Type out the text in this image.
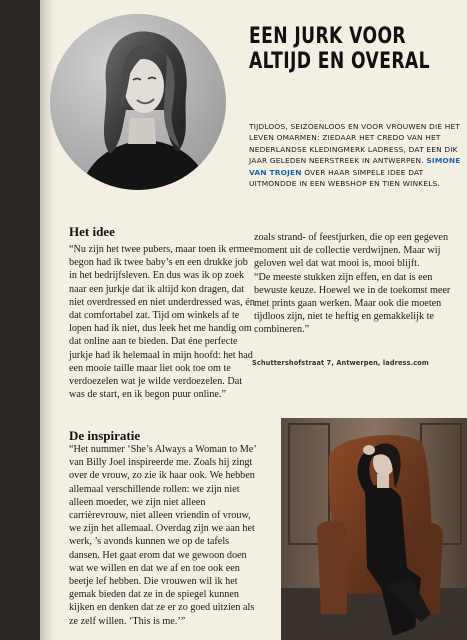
EEN JURK VOOR
ALTIJD EN OVERAL

TIJDLOOS, SEIZOENLOOS EN VOOR VROUWEN DIE HET LEVEN OMARMEN: ZIEDAAR HET CREDO VAN HET NEDERLANDSE KLEDINGMERK LADRESS, DAT EEN DIK JAAR GELEDEN NEERSTREEK IN ANTWERPEN. SIMONE VAN TROJEN OVER HAAR SIMPELE IDEE DAT UITMONDDE IN EEN WEBSHOP EN TIEN WINKELS.

Het idee

“Nu zijn het twee pubers, maar toen ik ermee begon had ik twee baby’s en een drukke job in het bedrijfsleven. En dus was ik op zoek naar een jurkje dat ik altijd kon dragen, dat niet overdressed en niet underdressed was, én dat comfortabel zat. Tijd om winkels af te lopen had ik niet, dus leek het me handig om dat online aan te bieden. Dat éne perfecte jurkje had ik helemaal in mijn hoofd: het had een mooie taille maar liet ook toe om te verdoezelen wat je wilde verdoezelen. Dat was de start, en ik begon puur online.”

zoals strand- of feestjurken, die op een gegeven moment uit de collectie verdwijnen. Maar wij geloven wel dat wat mooi is, mooi blijft.

“De meeste stukken zijn effen, en dat is een bewuste keuze. Hoewel we in de toekomst meer met prints gaan werken. Maar ook die moeten tijdloos zijn, niet te heftig en gemakkelijk te combineren.”

Schuttershofstraat 7, Antwerpen, ladress.com
De inspiratie

“Het nummer ‘She’s Always a Woman to Me’ van Billy Joel inspireerde me. Zoals hij zingt over de vrouw, zo zie ik haar ook. We hebben allemaal verschillende rollen: we zijn niet alleen moeder, we zijn niet alleen carrièrevrouw, niet alleen vriendin of vrouw, we zijn het allemaal. Overdag zijn we aan het werk, ’s avonds kunnen we op de tafels dansen. Het gaat erom dat we gewoon doen wat we willen en dat we af en toe ook een beetje lef hebben. Die vrouwen wil ik het gemak bieden dat ze in de spiegel kunnen kijken en denken dat ze er zo goed uitzien als ze zelf willen. ‘This is me.’”
